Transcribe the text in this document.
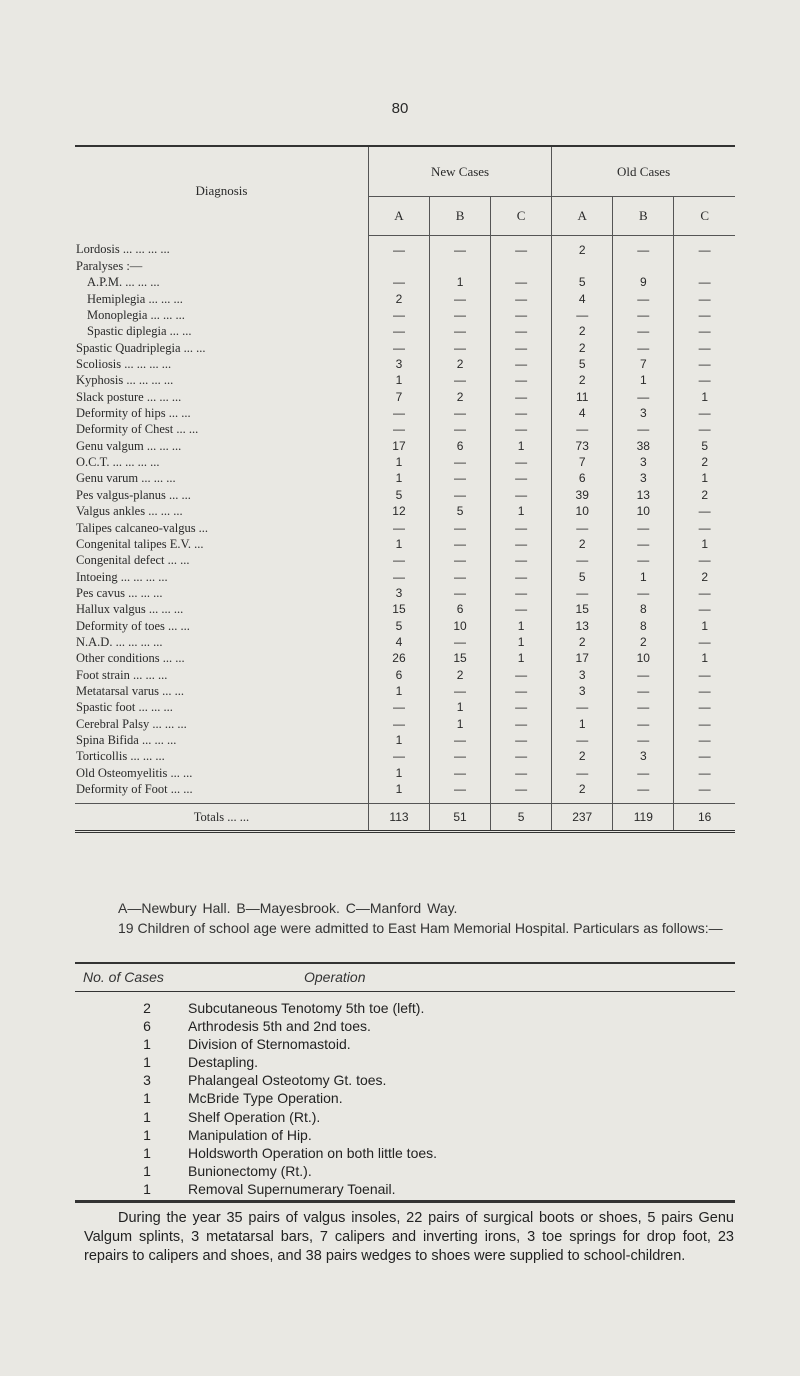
80
Diagnosis	New Cases			Old Cases		
	A	B	C	A	B	C
Lordosis ... ... ... ...	—	—	—	2	—	—
Paralyses :—						
A.P.M. ... ... ...	—	1	—	5	9	—
Hemiplegia ... ... ...	2	—	—	4	—	—
Monoplegia ... ... ...	—	—	—	—	—	—
Spastic diplegia ... ...	—	—	—	2	—	—
Spastic Quadriplegia ... ...	—	—	—	2	—	—
Scoliosis ... ... ... ...	3	2	—	5	7	—
Kyphosis ... ... ... ...	1	—	—	2	1	—
Slack posture ... ... ...	7	2	—	11	—	1
Deformity of hips ... ...	—	—	—	4	3	—
Deformity of Chest ... ...	—	—	—	—	—	—
Genu valgum ... ... ...	17	6	1	73	38	5
O.C.T. ... ... ... ...	1	—	—	7	3	2
Genu varum ... ... ...	1	—	—	6	3	1
Pes valgus-planus ... ...	5	—	—	39	13	2
Valgus ankles ... ... ...	12	5	1	10	10	—
Talipes calcaneo-valgus ...	—	—	—	—	—	—
Congenital talipes E.V. ...	1	—	—	2	—	1
Congenital defect ... ...	—	—	—	—	—	—
Intoeing ... ... ... ...	—	—	—	5	1	2
Pes cavus ... ... ...	3	—	—	—	—	—
Hallux valgus ... ... ...	15	6	—	15	8	—
Deformity of toes ... ...	5	10	1	13	8	1
N.A.D. ... ... ... ...	4	—	1	2	2	—
Other conditions ... ...	26	15	1	17	10	1
Foot strain ... ... ...	6	2	—	3	—	—
Metatarsal varus ... ...	1	—	—	3	—	—
Spastic foot ... ... ...	—	1	—	—	—	—
Cerebral Palsy ... ... ...	—	1	—	1	—	—
Spina Bifida ... ... ...	1	—	—	—	—	—
Torticollis ... ... ...	—	—	—	2	3	—
Old Osteomyelitis ... ...	1	—	—	—	—	—
Deformity of Foot ... ...	1	—	—	2	—	—
Totals ... ...	113	51	5	237	119	16
A—Newbury Hall. B—Mayesbrook. C—Manford Way.
19 Children of school age were admitted to East Ham Memorial Hospital. Particulars as follows:—
No. of Cases	Operation
2	Subcutaneous Tenotomy 5th toe (left).
6	Arthrodesis 5th and 2nd toes.
1	Division of Sternomastoid.
1	Destapling.
3	Phalangeal Osteotomy Gt. toes.
1	McBride Type Operation.
1	Shelf Operation (Rt.).
1	Manipulation of Hip.
1	Holdsworth Operation on both little toes.
1	Bunionectomy (Rt.).
1	Removal Supernumerary Toenail.
During the year 35 pairs of valgus insoles, 22 pairs of surgical boots or shoes, 5 pairs Genu Valgum splints, 3 metatarsal bars, 7 calipers and inverting irons, 3 toe springs for drop foot, 23 repairs to calipers and shoes, and 38 pairs wedges to shoes were supplied to school-children.
